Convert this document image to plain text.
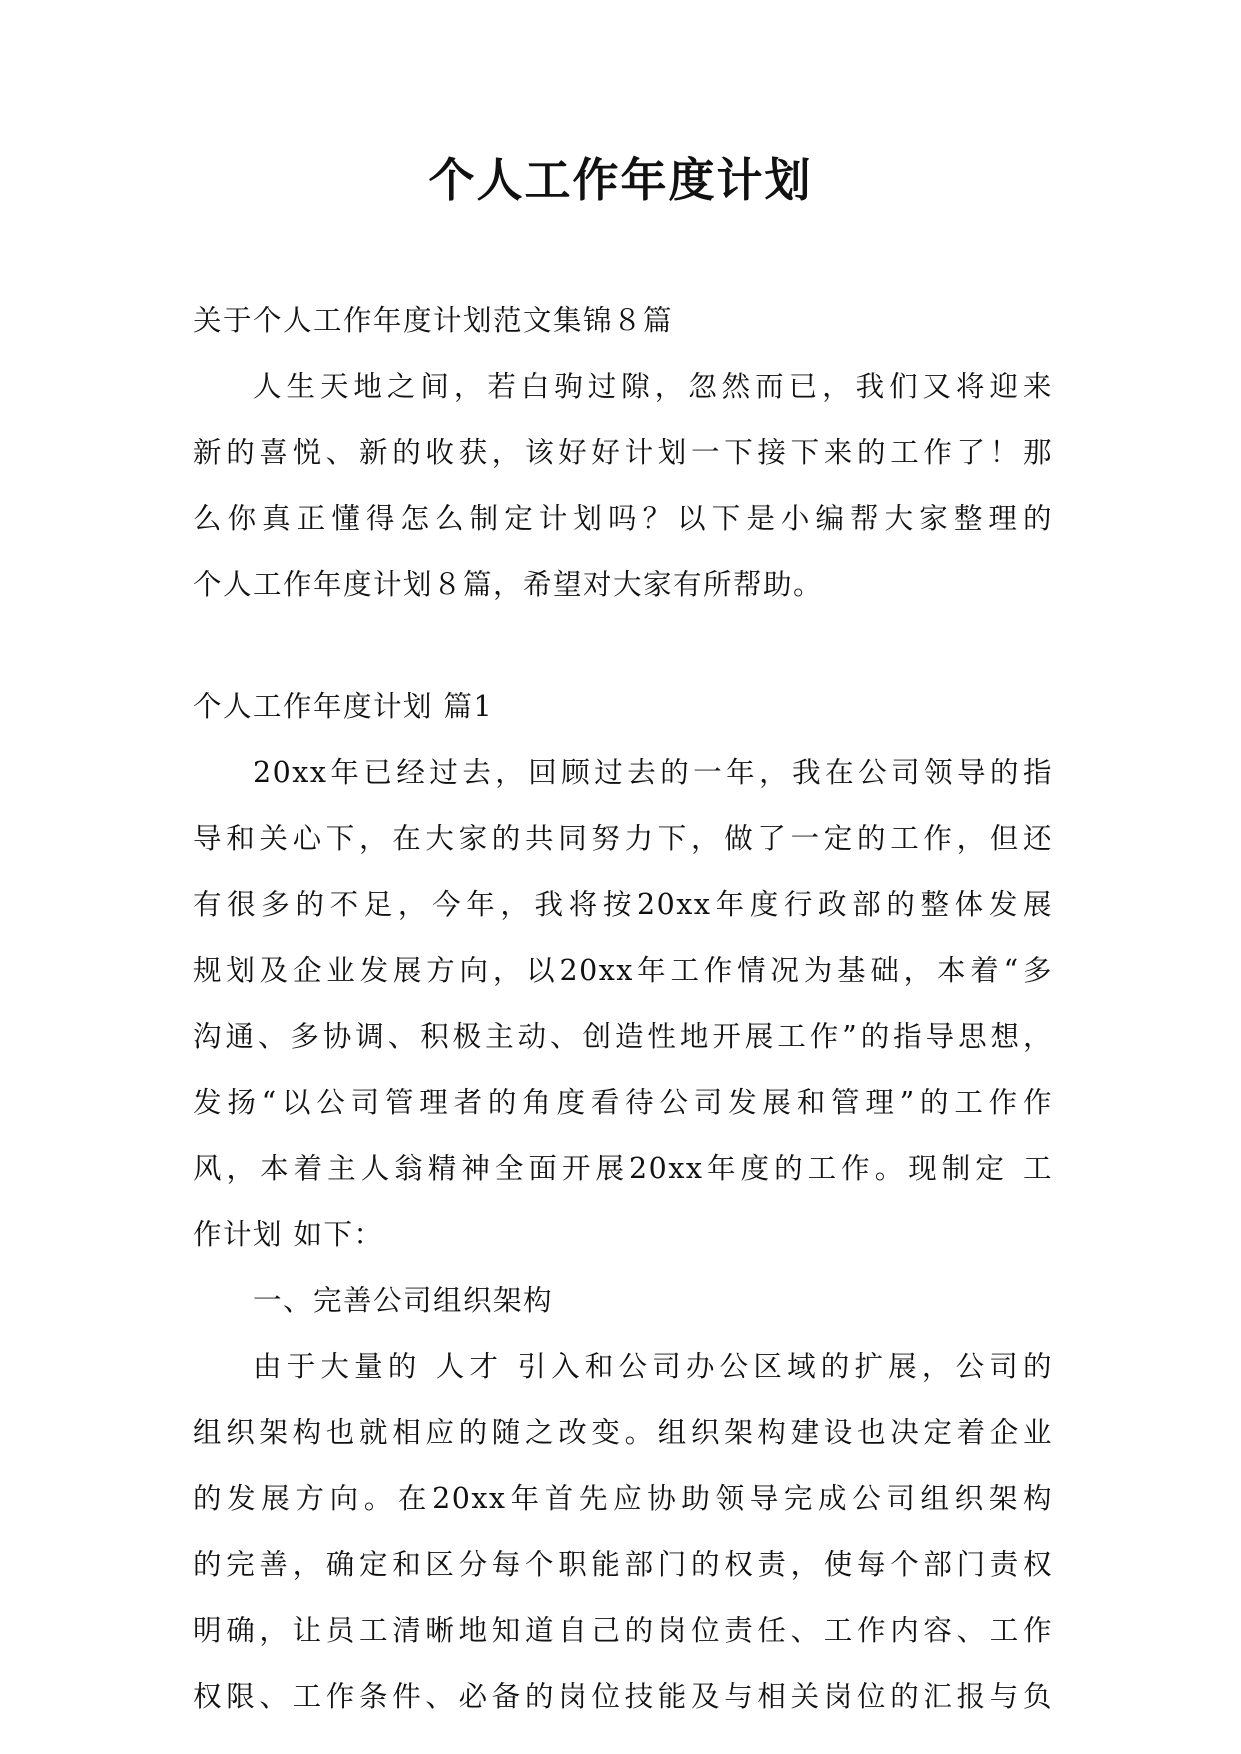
个人工作年度计划
关于个人工作年度计划范文集锦８篇
人生天地之间，若白驹过隙，忽然而已，我们又将迎来
新的喜悦、新的收获，该好好计划一下接下来的工作了！那
么你真正懂得怎么制定计划吗？以下是小编帮大家整理的
个人工作年度计划８篇，希望对大家有所帮助。
个人工作年度计划 篇1
20xx年已经过去，回顾过去的一年，我在公司领导的指
导和关心下，在大家的共同努力下，做了一定的工作，但还
有很多的不足，今年，我将按20xx年度行政部的整体发展
规划及企业发展方向，以20xx年工作情况为基础，本着“多
沟通、多协调、积极主动、创造性地开展工作”的指导思想，
发扬“以公司管理者的角度看待公司发展和管理”的工作作
风，本着主人翁精神全面开展20xx年度的工作。现制定 工
作计划 如下：
一、完善公司组织架构
由于大量的 人才 引入和公司办公区域的扩展，公司的
组织架构也就相应的随之改变。组织架构建设也决定着企业
的发展方向。在20xx年首先应协助领导完成公司组织架构
的完善，确定和区分每个职能部门的权责，使每个部门责权
明确，让员工清晰地知道自己的岗位责任、工作内容、工作
权限、工作条件、必备的岗位技能及与相关岗位的汇报与负
